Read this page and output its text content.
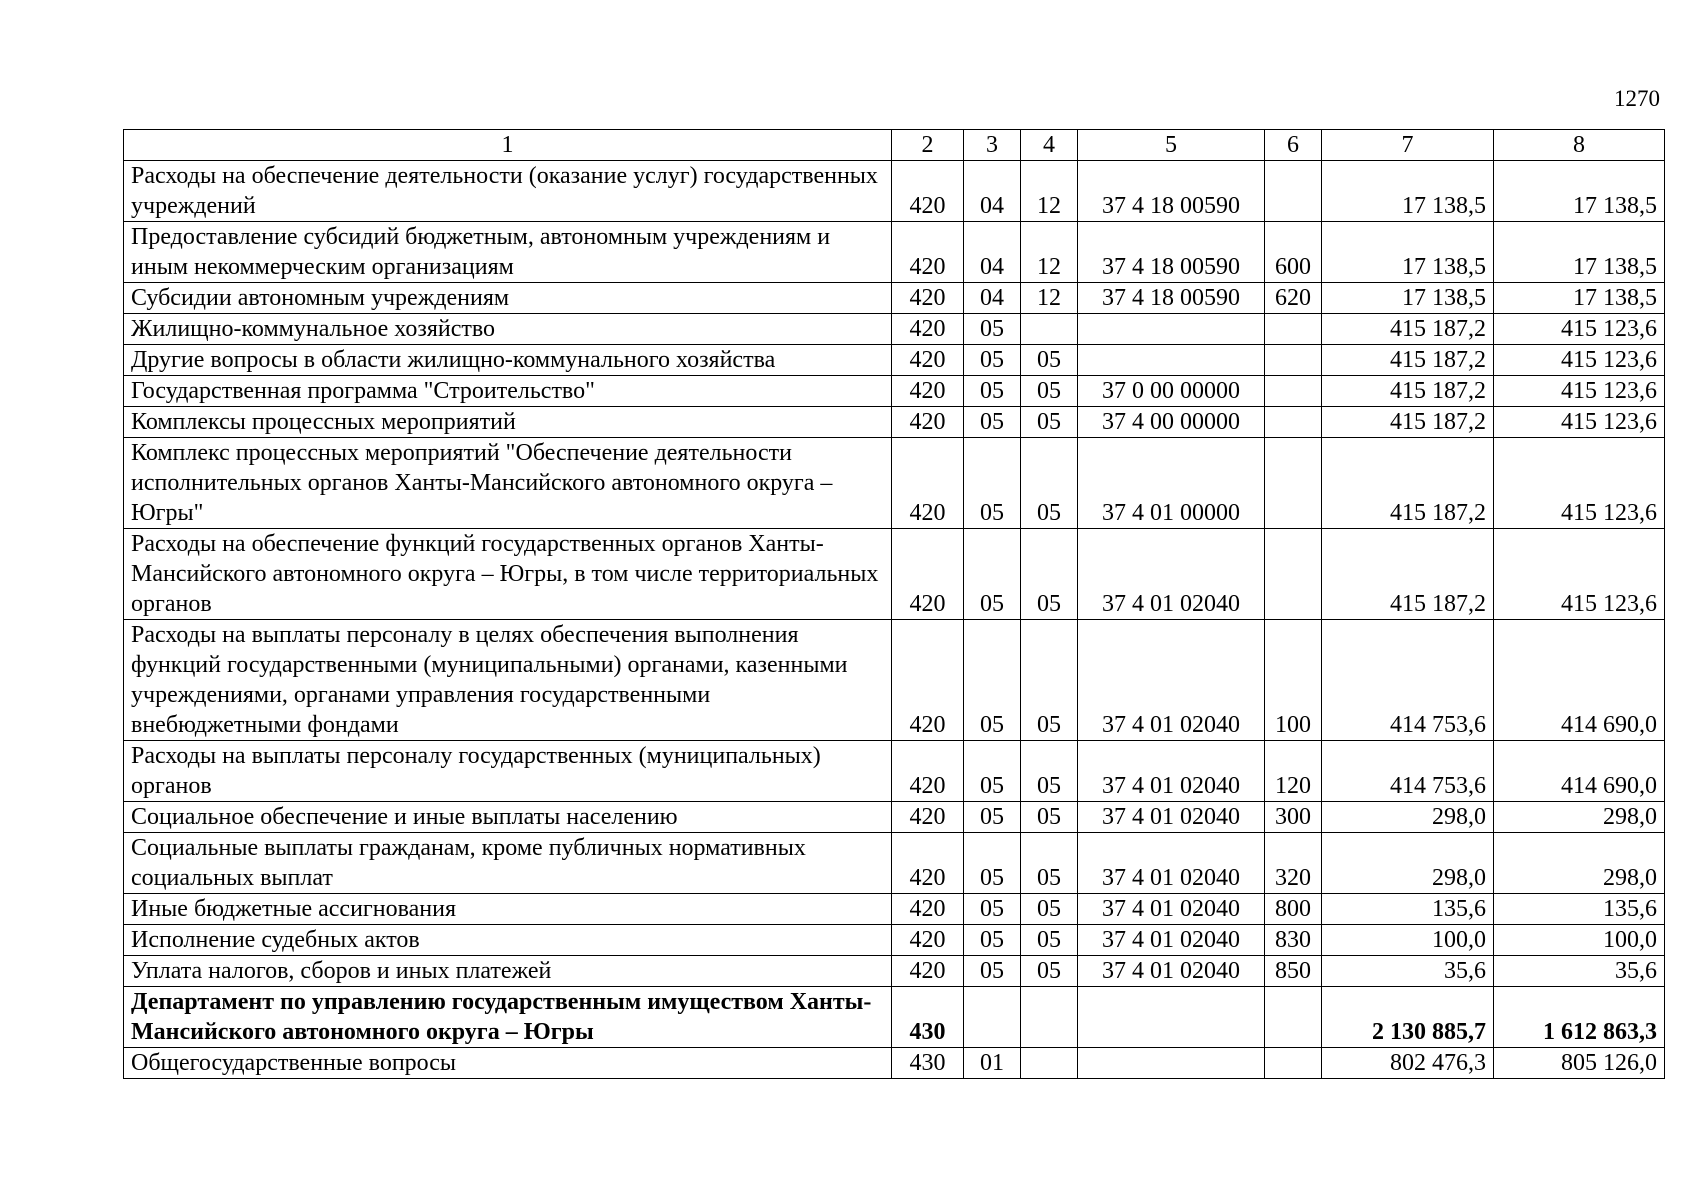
1270
1	2	3	4	5	6	7	8
Расходы на обеспечение деятельности (оказание услуг) государственных учреждений	420	04	12	37 4 18 00590		17 138,5	17 138,5
Предоставление субсидий бюджетным, автономным учреждениям и иным некоммерческим организациям	420	04	12	37 4 18 00590	600	17 138,5	17 138,5
Субсидии автономным учреждениям	420	04	12	37 4 18 00590	620	17 138,5	17 138,5
Жилищно-коммунальное хозяйство	420	05				415 187,2	415 123,6
Другие вопросы в области жилищно-коммунального хозяйства	420	05	05			415 187,2	415 123,6
Государственная программа "Строительство"	420	05	05	37 0 00 00000		415 187,2	415 123,6
Комплексы процессных мероприятий	420	05	05	37 4 00 00000		415 187,2	415 123,6
Комплекс процессных мероприятий "Обеспечение деятельности исполнительных органов Ханты-Мансийского автономного округа – Югры"	420	05	05	37 4 01 00000		415 187,2	415 123,6
Расходы на обеспечение функций государственных органов Ханты-Мансийского автономного округа – Югры, в том числе территориальных органов	420	05	05	37 4 01 02040		415 187,2	415 123,6
Расходы на выплаты персоналу в целях обеспечения выполнения функций государственными (муниципальными) органами, казенными учреждениями, органами управления государственными внебюджетными фондами	420	05	05	37 4 01 02040	100	414 753,6	414 690,0
Расходы на выплаты персоналу государственных (муниципальных) органов	420	05	05	37 4 01 02040	120	414 753,6	414 690,0
Социальное обеспечение и иные выплаты населению	420	05	05	37 4 01 02040	300	298,0	298,0
Социальные выплаты гражданам, кроме публичных нормативных социальных выплат	420	05	05	37 4 01 02040	320	298,0	298,0
Иные бюджетные ассигнования	420	05	05	37 4 01 02040	800	135,6	135,6
Исполнение судебных актов	420	05	05	37 4 01 02040	830	100,0	100,0
Уплата налогов, сборов и иных платежей	420	05	05	37 4 01 02040	850	35,6	35,6
Департамент по управлению государственным имуществом Ханты-Мансийского автономного округа – Югры	430					2 130 885,7	1 612 863,3
Общегосударственные вопросы	430	01				802 476,3	805 126,0
